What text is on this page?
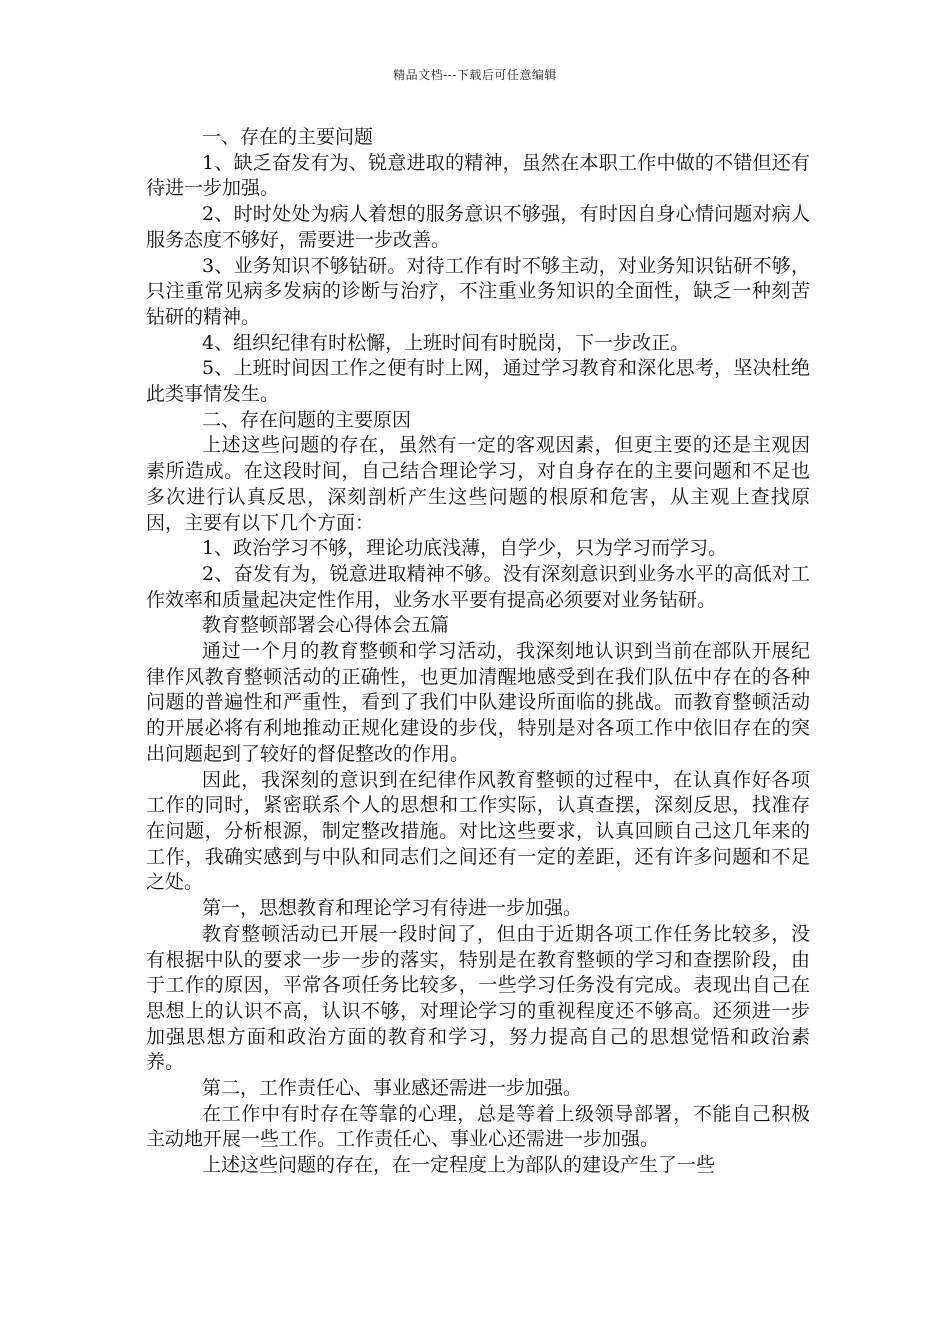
精品文档---下载后可任意编辑

一、存在的主要问题

1、缺乏奋发有为、锐意进取的精神，虽然在本职工作中做的不错但还有待进一步加强。

2、时时处处为病人着想的服务意识不够强，有时因自身心情问题对病人服务态度不够好，需要进一步改善。

3、业务知识不够钻研。对待工作有时不够主动，对业务知识钻研不够，只注重常见病多发病的诊断与治疗，不注重业务知识的全面性，缺乏一种刻苦钻研的精神。

4、组织纪律有时松懈，上班时间有时脱岗，下一步改正。

5、上班时间因工作之便有时上网，通过学习教育和深化思考，坚决杜绝此类事情发生。

二、存在问题的主要原因

上述这些问题的存在，虽然有一定的客观因素，但更主要的还是主观因素所造成。在这段时间，自己结合理论学习，对自身存在的主要问题和不足也多次进行认真反思，深刻剖析产生这些问题的根原和危害，从主观上查找原因，主要有以下几个方面：

1、政治学习不够，理论功底浅薄，自学少，只为学习而学习。

2、奋发有为，锐意进取精神不够。没有深刻意识到业务水平的高低对工作效率和质量起决定性作用，业务水平要有提高必须要对业务钻研。

教育整顿部署会心得体会五篇

通过一个月的教育整顿和学习活动，我深刻地认识到当前在部队开展纪律作风教育整顿活动的正确性，也更加清醒地感受到在我们队伍中存在的各种问题的普遍性和严重性，看到了我们中队建设所面临的挑战。而教育整顿活动的开展必将有利地推动正规化建设的步伐，特别是对各项工作中依旧存在的突出问题起到了较好的督促整改的作用。

因此，我深刻的意识到在纪律作风教育整顿的过程中，在认真作好各项工作的同时，紧密联系个人的思想和工作实际，认真查摆，深刻反思，找准存在问题，分析根源，制定整改措施。对比这些要求，认真回顾自己这几年来的工作，我确实感到与中队和同志们之间还有一定的差距，还有许多问题和不足之处。

第一，思想教育和理论学习有待进一步加强。

教育整顿活动已开展一段时间了，但由于近期各项工作任务比较多，没有根据中队的要求一步一步的落实，特别是在教育整顿的学习和查摆阶段，由于工作的原因，平常各项任务比较多，一些学习任务没有完成。表现出自己在思想上的认识不高，认识不够，对理论学习的重视程度还不够高。还须进一步加强思想方面和政治方面的教育和学习，努力提高自己的思想觉悟和政治素养。

第二，工作责任心、事业感还需进一步加强。

在工作中有时存在等靠的心理，总是等着上级领导部署，不能自己积极主动地开展一些工作。工作责任心、事业心还需进一步加强。

上述这些问题的存在，在一定程度上为部队的建设产生了一些
